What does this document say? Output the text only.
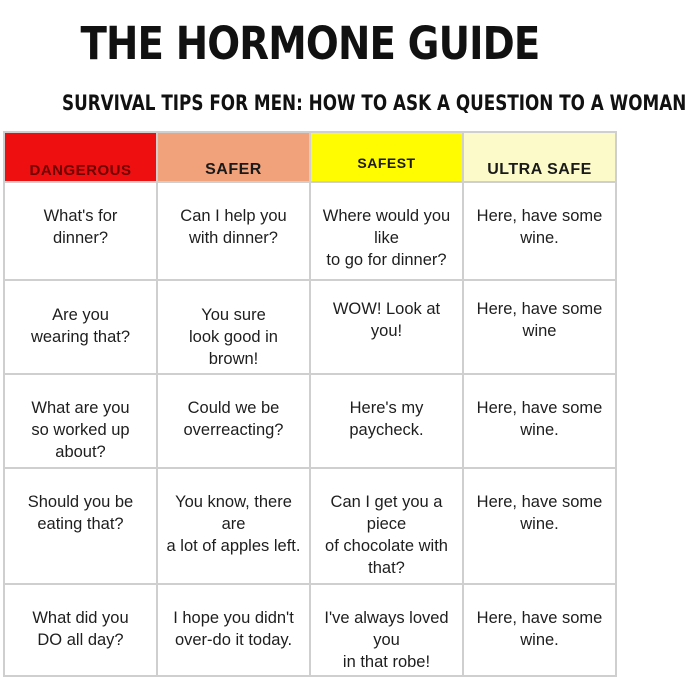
THE HORMONE GUIDE
SURVIVAL TIPS FOR MEN: HOW TO ASK A QUESTION TO A WOMAN
DANGEROUS	SAFER	SAFEST	ULTRA SAFE

What's for
dinner?	Can I help you
with dinner?	Where would you
like
to go for dinner?	Here, have some
wine.

Are you
wearing that?	You sure
look good in
brown!	WOW! Look at
you!	Here, have some
wine

What are you
so worked up
about?	Could we be
overreacting?	Here's my
paycheck.	Here, have some
wine.

Should you be
eating that?	You know, there
are
a lot of apples left.	Can I get you a
piece
of chocolate with
that?	Here, have some
wine.

What did you
DO all day?	I hope you didn't
over-do it today.	I've always loved
you
in that robe!	Here, have some
wine.
